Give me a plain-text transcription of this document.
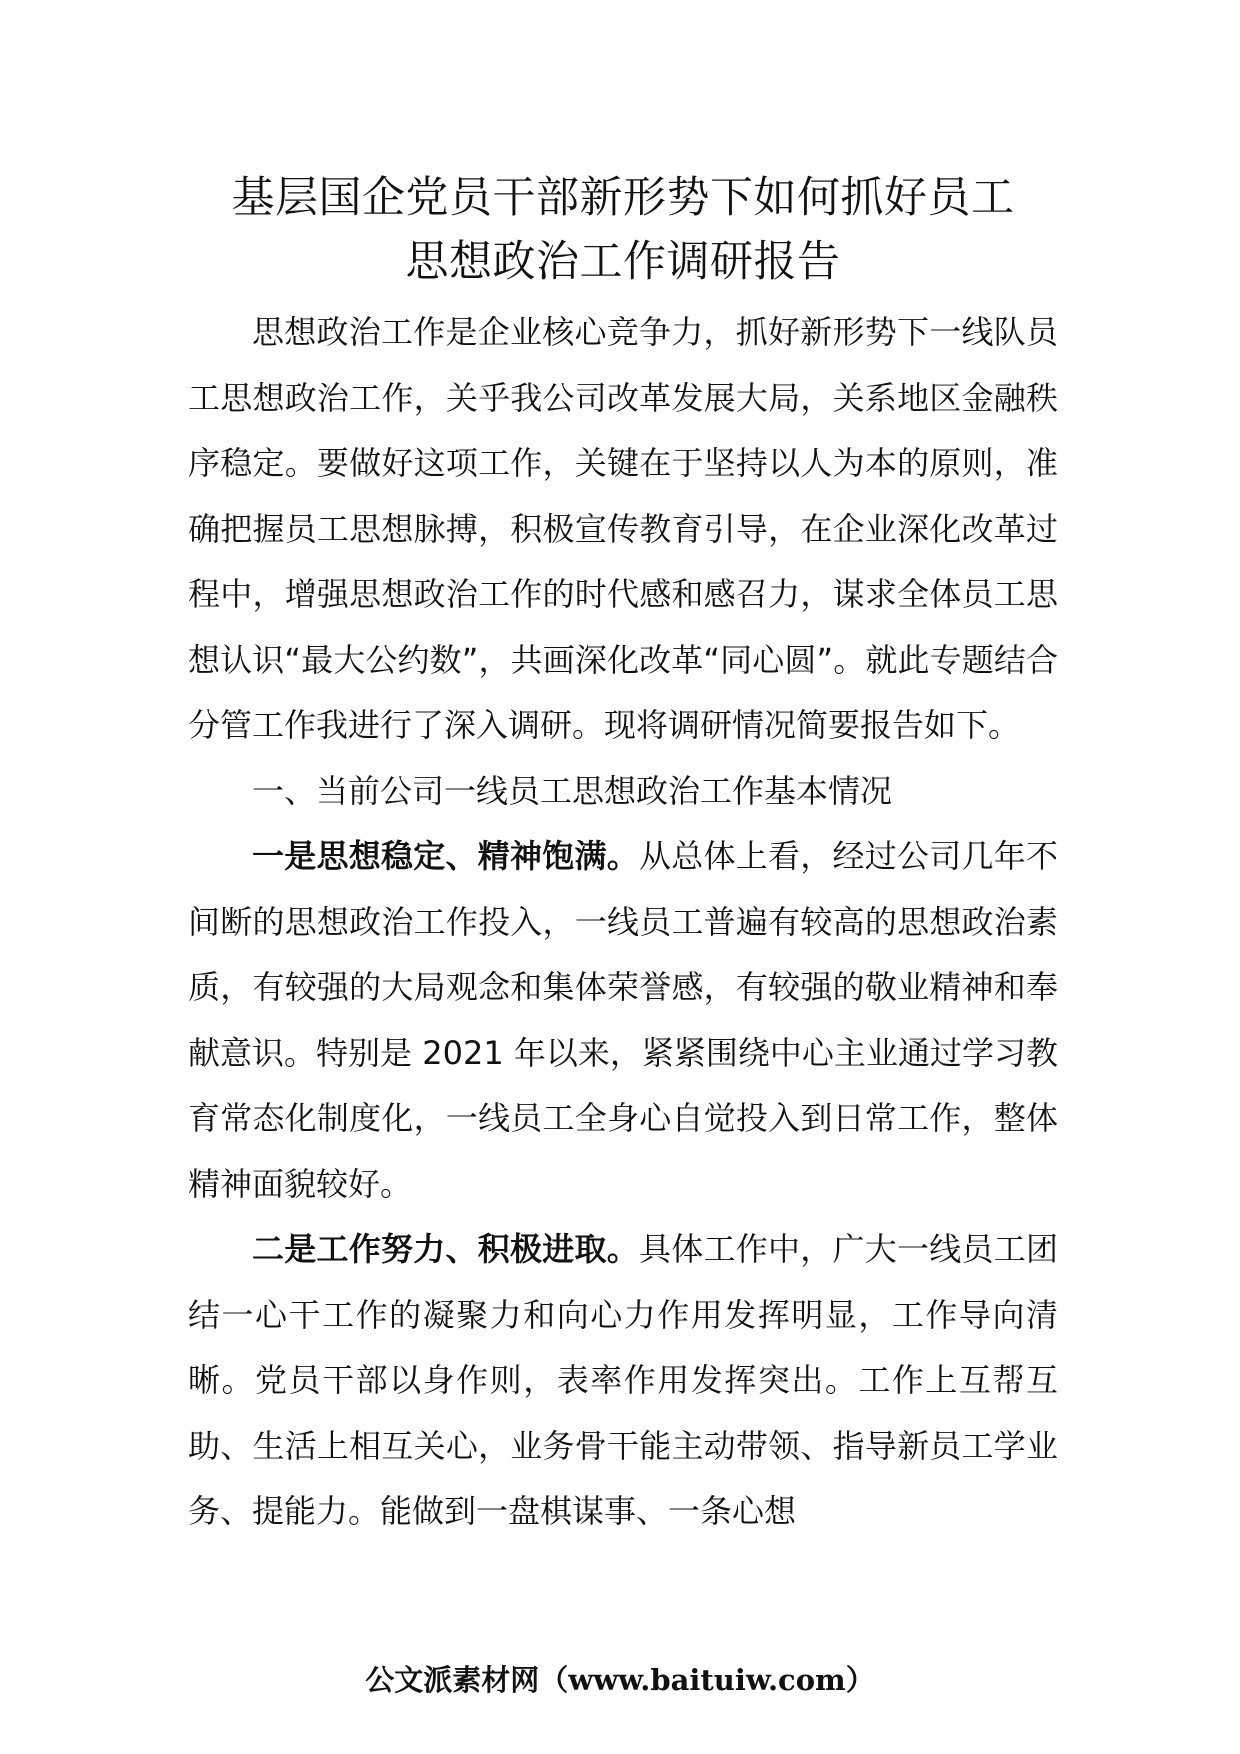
基层国企党员干部新形势下如何抓好员工
思想政治工作调研报告

思想政治工作是企业核心竞争力，抓好新形势下一线队员工思想政治工作，关乎我公司改革发展大局，关系地区金融秩序稳定。要做好这项工作，关键在于坚持以人为本的原则，准确把握员工思想脉搏，积极宣传教育引导，在企业深化改革过程中，增强思想政治工作的时代感和感召力，谋求全体员工思想认识“最大公约数”，共画深化改革“同心圆”。就此专题结合分管工作我进行了深入调研。现将调研情况简要报告如下。

一、当前公司一线员工思想政治工作基本情况

一是思想稳定、精神饱满。从总体上看，经过公司几年不间断的思想政治工作投入，一线员工普遍有较高的思想政治素质，有较强的大局观念和集体荣誉感，有较强的敬业精神和奉献意识。特别是 2021 年以来，紧紧围绕中心主业通过学习教育常态化制度化，一线员工全身心自觉投入到日常工作，整体精神面貌较好。

二是工作努力、积极进取。具体工作中，广大一线员工团结一心干工作的凝聚力和向心力作用发挥明显，工作导向清晰。党员干部以身作则，表率作用发挥突出。工作上互帮互助、生活上相互关心，业务骨干能主动带领、指导新员工学业务、提能力。能做到一盘棋谋事、一条心想

公文派素材网（www.baituiw.com）
